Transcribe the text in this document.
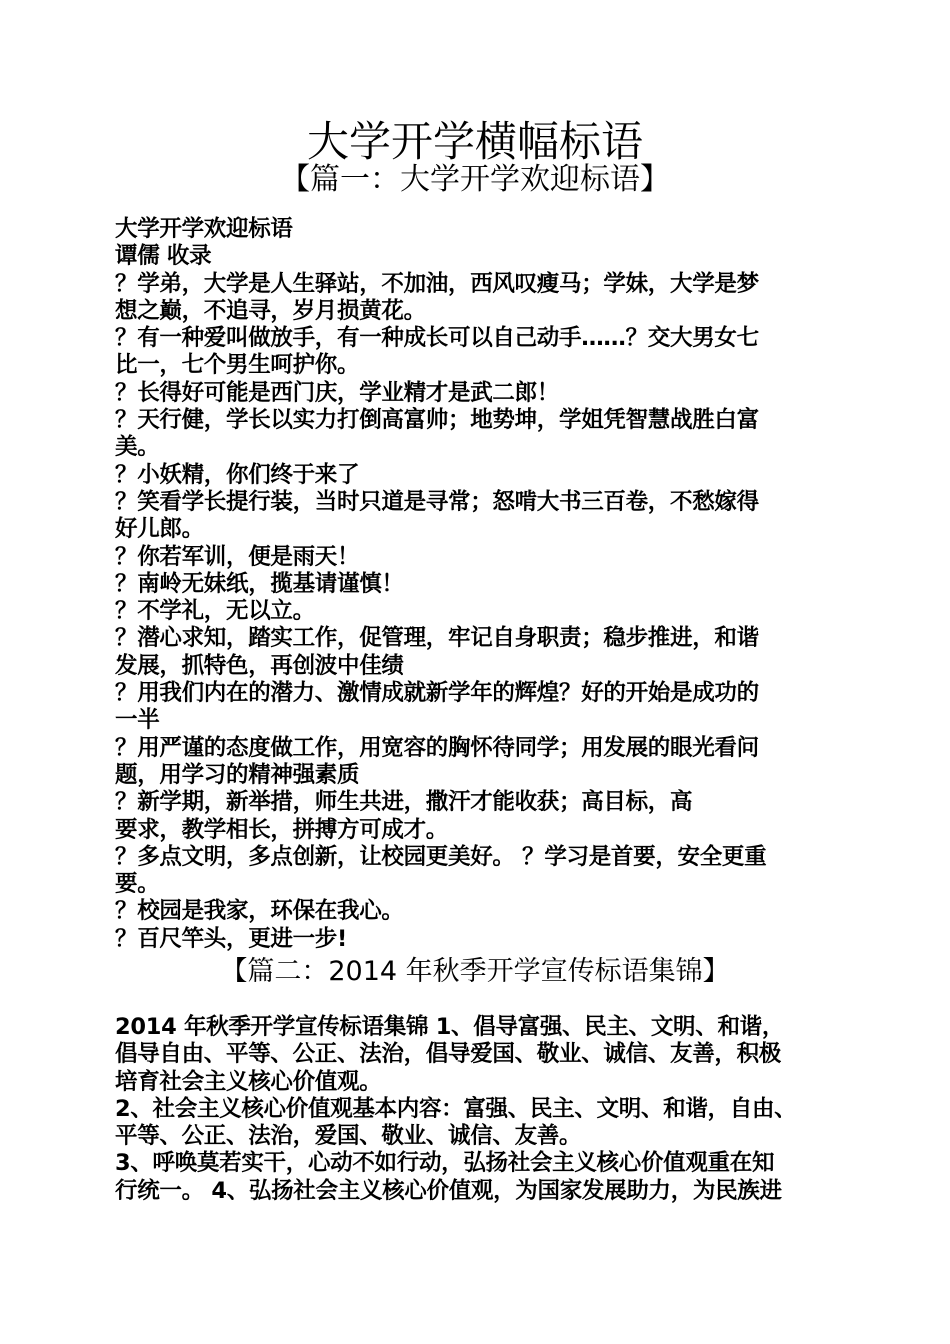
大学开学横幅标语
【篇一：大学开学欢迎标语】

大学开学欢迎标语

谭儒 收录

？学弟，大学是人生驿站，不加油，西风叹瘦马；学妹，大学是梦

想之巅，不追寻，岁月损黄花。

？有一种爱叫做放手，有一种成长可以自己动手……？交大男女七

比一，七个男生呵护你。

？长得好可能是西门庆，学业精才是武二郎！

？天行健，学长以实力打倒高富帅；地势坤，学姐凭智慧战胜白富

美。

？小妖精，你们终于来了

？笑看学长提行装，当时只道是寻常；怒啃大书三百卷，不愁嫁得

好儿郎。

？你若军训，便是雨天！

？南岭无妹纸，揽基请谨慎！

？不学礼，无以立。

？潜心求知，踏实工作，促管理，牢记自身职责；稳步推进，和谐

发展，抓特色，再创波中佳绩

？用我们内在的潜力、激情成就新学年的辉煌？好的开始是成功的

一半

？用严谨的态度做工作，用宽容的胸怀待同学；用发展的眼光看问

题，用学习的精神强素质

？新学期，新举措，师生共进，撒汗才能收获；高目标，高

要求，教学相长，拼搏方可成才。

？多点文明，多点创新，让校园更美好。 ？学习是首要，安全更重

要。

？校园是我家，环保在我心。

？百尺竿头，更进一步!

【篇二：2014 年秋季开学宣传标语集锦】

2014 年秋季开学宣传标语集锦 1、倡导富强、民主、文明、和谐，

倡导自由、平等、公正、法治，倡导爱国、敬业、诚信、友善，积极

培育社会主义核心价值观。

2、社会主义核心价值观基本内容：富强、民主、文明、和谐，自由、

平等、公正、法治，爱国、敬业、诚信、友善。

3、呼唤莫若实干，心动不如行动，弘扬社会主义核心价值观重在知

行统一。 4、弘扬社会主义核心价值观，为国家发展助力，为民族进
